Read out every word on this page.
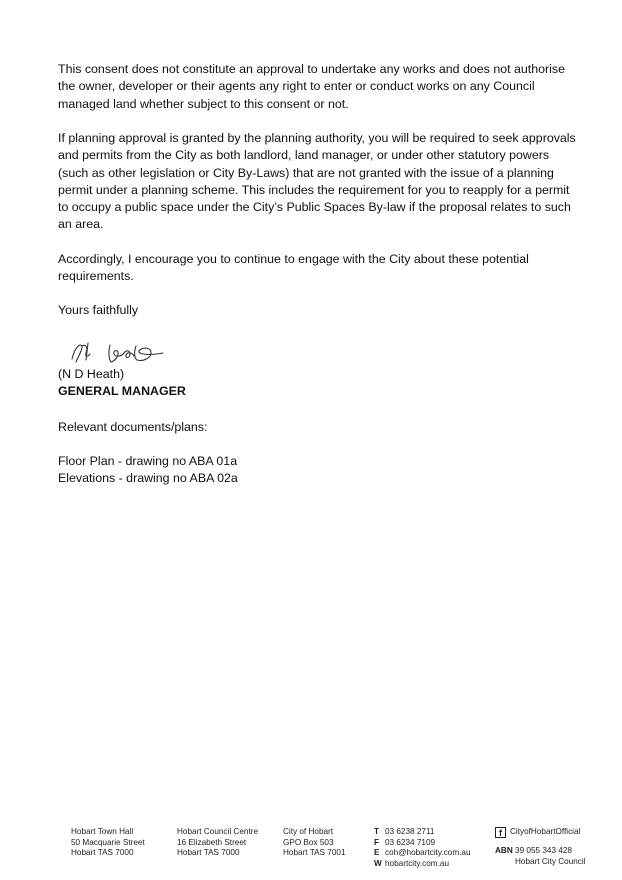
This consent does not constitute an approval to undertake any works and does not authorise the owner, developer or their agents any right to enter or conduct works on any Council managed land whether subject to this consent or not.

If planning approval is granted by the planning authority, you will be required to seek approvals and permits from the City as both landlord, land manager, or under other statutory powers (such as other legislation or City By-Laws) that are not granted with the issue of a planning permit under a planning scheme. This includes the requirement for you to reapply for a permit to occupy a public space under the City’s Public Spaces By-law if the proposal relates to such an area.

Accordingly, I encourage you to continue to engage with the City about these potential requirements.

Yours faithfully

(N D Heath)

GENERAL MANAGER

Relevant documents/plans:

Floor Plan - drawing no ABA 01a

Elevations - drawing no ABA 02a

Hobart Town Hall
50 Macquarie Street
Hobart TAS 7000
Hobart Council Centre
16 Elizabeth Street
Hobart TAS 7000
City of Hobart
GPO Box 503
Hobart TAS 7001
T 03 6238 2711
F 03 6234 7109
E coh@hobartcity.com.au
W hobartcity.com.au
f CityofHobartOfficial
ABN 39 055 343 428
Hobart City Council
